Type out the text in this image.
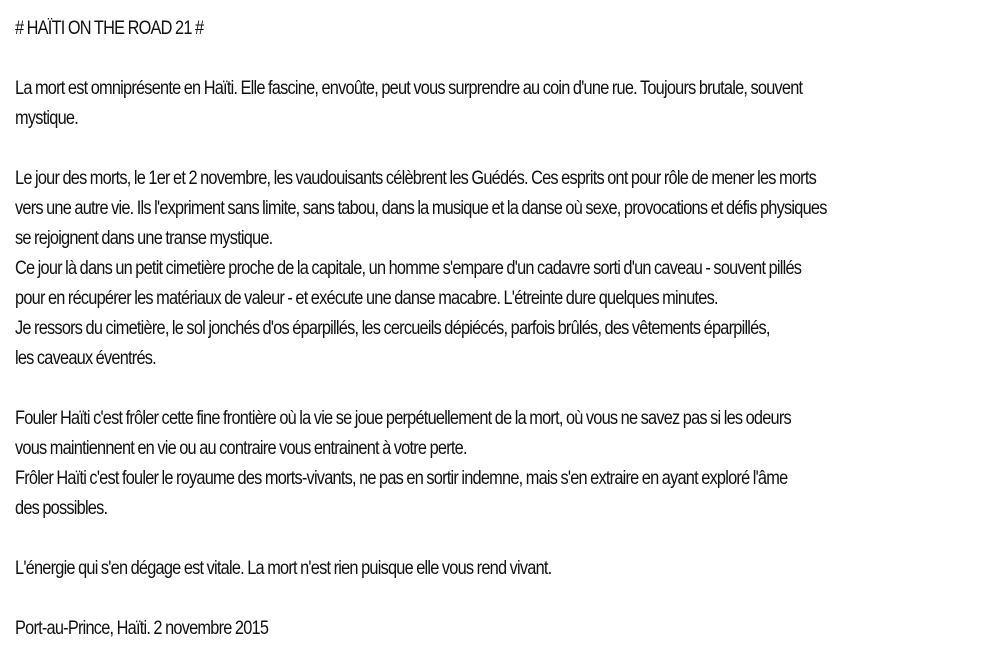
# HAÏTI ON THE ROAD 21 #
La mort est omniprésente en Haïti. Elle fascine, envoûte, peut vous surprendre au coin d'une rue. Toujours brutale, souvent
mystique.
Le jour des morts, le 1er et 2 novembre, les vaudouisants célèbrent les Guédés. Ces esprits ont pour rôle de mener les morts
vers une autre vie. Ils l'expriment sans limite, sans tabou, dans la musique et la danse où sexe, provocations et défis physiques
se rejoignent dans une transe mystique.
Ce jour là dans un petit cimetière proche de la capitale, un homme s'empare d'un cadavre sorti d'un caveau - souvent pillés
pour en récupérer les matériaux de valeur - et exécute une danse macabre. L'étreinte dure quelques minutes.
Je ressors du cimetière, le sol jonchés d'os éparpillés, les cercueils dépiécés, parfois brûlés, des vêtements éparpillés,
les caveaux éventrés.
Fouler Haïti c'est frôler cette fine frontière où la vie se joue perpétuellement de la mort, où vous ne savez pas si les odeurs
vous maintiennent en vie ou au contraire vous entrainent à votre perte.
Frôler Haïti c'est fouler le royaume des morts-vivants, ne pas en sortir indemne, mais s'en extraire en ayant exploré l'âme
des possibles.
L'énergie qui s'en dégage est vitale. La mort n'est rien puisque elle vous rend vivant.
Port-au-Prince, Haïti. 2 novembre 2015
